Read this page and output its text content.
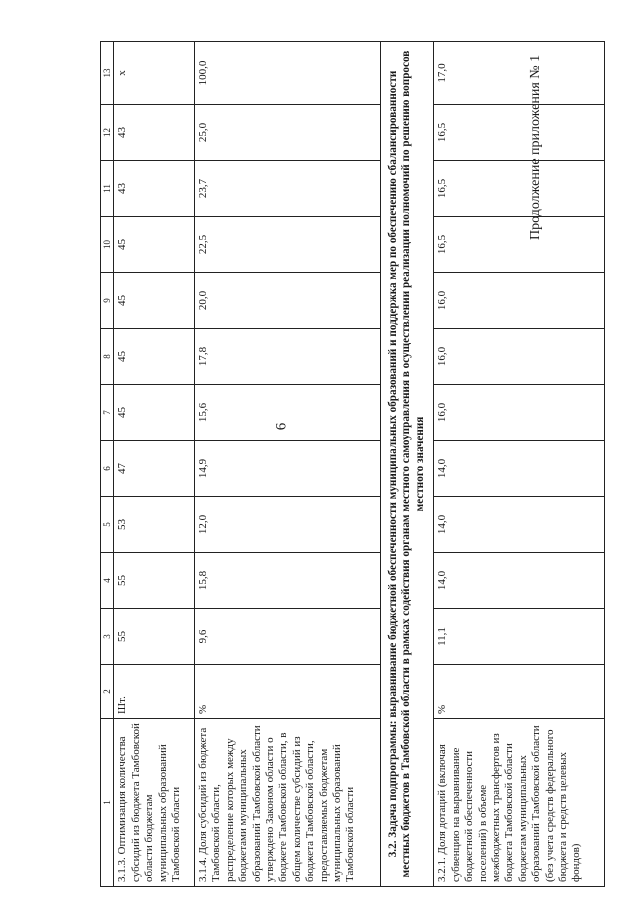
6
Продолжение приложения № 1
1	2	3	4	5	6	7	8	9	10	11	12	13
3.1.3. Оптимизация количества субсидий из бюджета Тамбовской области бюджетам муниципальных образований Тамбовской области	Шт.	55	55	53	47	45	45	45	45	43	43	x
3.1.4. Доля субсидий из бюджета Тамбовской области, распределение которых между бюджетами муниципальных образований Тамбовской области утверждено Законом области о бюджете Тамбовской области, в общем количестве субсидий из бюджета Тамбовской области, предоставляемых бюджетам муниципальных образований Тамбовской области	%	9,6	15,8	12,0	14,9	15,6	17,8	20,0	22,5	23,7	25,0	100,0
3.2. Задача подпрограммы: выравнивание бюджетной обеспеченности муниципальных образований и поддержка мер по обеспечению сбалансированности местных бюджетов в Тамбовской области в рамках содействия органам местного самоуправления в осуществлении реализации полномочий по решению вопросов местного значения												
3.2.1. Доля дотаций (включая субвенцию на выравнивание бюджетной обеспеченности поселений) в объеме межбюджетных трансфертов из бюджета Тамбовской области бюджетам муниципальных образований Тамбовской области (без учета средств федерального бюджета и средств целевых фондов)	%	11,1	14,0	14,0	14,0	16,0	16,0	16,0	16,5	16,5	16,5	17,0
